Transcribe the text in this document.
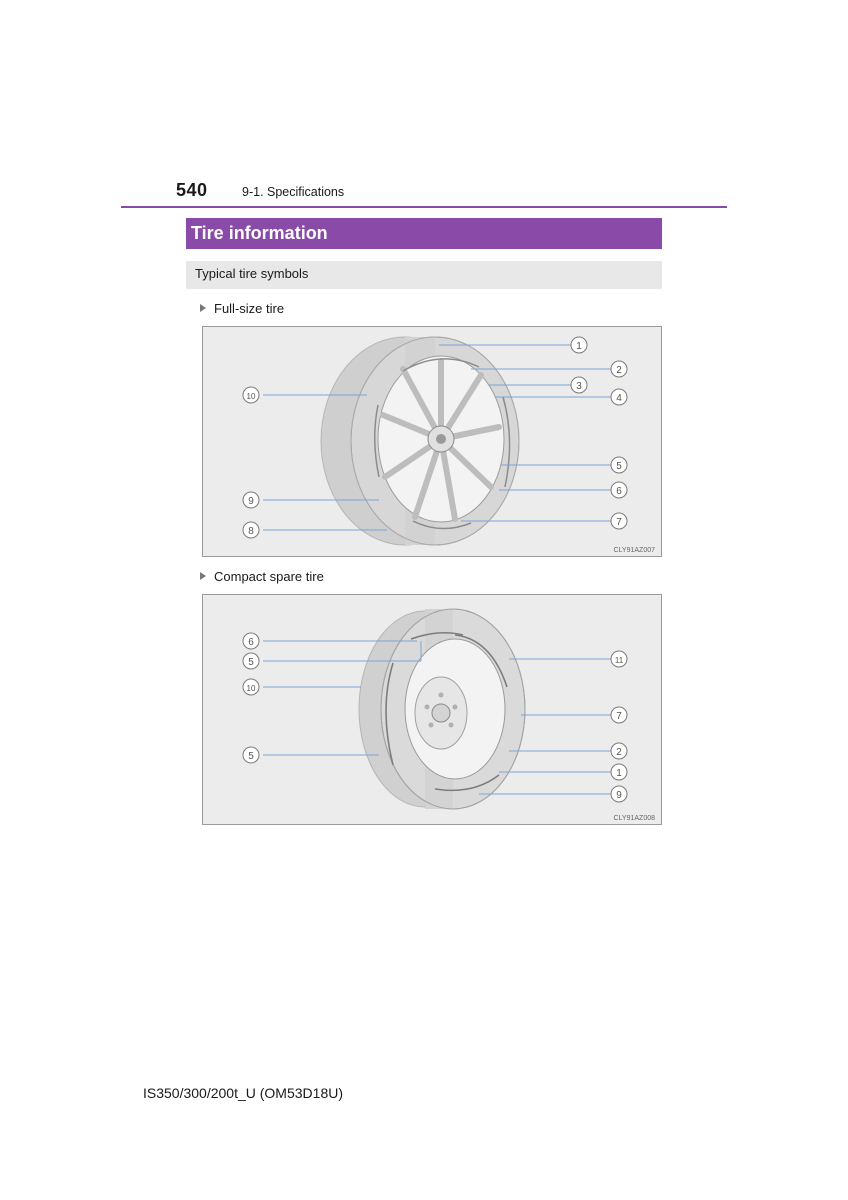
540	9-1. Specifications
Tire information
Typical tire symbols
Full-size tire
1
2
3
4
5
6
7
8
9
10
CLY91AZ007
Compact spare tire
6
5
10
5
11
7
2
1
9
CLY91AZ008
IS350/300/200t_U (OM53D18U)
